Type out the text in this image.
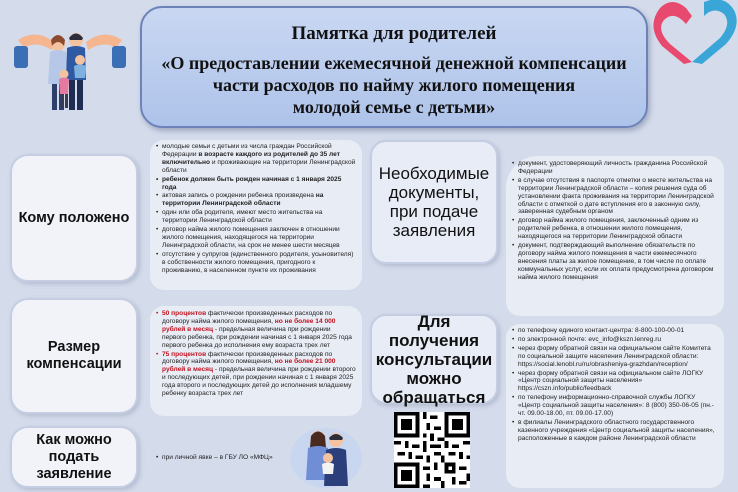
Памятка для родителей
«О предоставлении ежемесячной денежной компенсации
части расходов по найму жилого помещения
молодой семье с детьми»
Кому положено
Размер
компенсации
Как можно
подать
заявление
• молодые семьи с детьми из числа граждан Российской Федерации в возрасте каждого из родителей до 35 лет включительно и проживающие на территории Ленинградской области
• ребенок должен быть рожден начиная с 1 января 2025 года
• актовая запись о рождении ребенка произведена на территории Ленинградской области
• один или оба родителя, имеют место жительства на территории Ленинградской области
• договор найма жилого помещения заключен в отношении жилого помещения, находящегося на территории Ленинградской области, на срок не менее шести месяцев
• отсутствие у супругов (единственного родителя, усыновителя) в собственности жилого помещения, пригодного к проживанию, в населенном пункте их проживания
• 50 процентов фактически произведенных расходов по договору найма жилого помещения, но не более 14 000 рублей в месяц - предельная величина при рождении первого ребенка, при рождении начиная с 1 января 2025 года первого ребенка до исполнения ему возраста трех лет
• 75 процентов фактически произведенных расходов по договору найма жилого помещения, но не более 21 000 рублей в месяц - предельная величина при рождении второго и последующих детей, при рождении начиная с 1 января 2025 года второго и последующих детей до исполнения младшему ребенку возраста трех лет
• при личной явке – в ГБУ ЛО «МФЦ»
Необходимые
документы,
при подаче
заявления
Для получения
консультации
можно
обращаться
• документ, удостоверяющий личность гражданина Российской Федерации
• в случае отсутствия в паспорте отметки о месте жительства на территории Ленинградской области – копия решения суда об установлении факта проживания на территории Ленинградской области с отметкой о дате вступления его в законную силу, заверенная судебным органом
• договор найма жилого помещения, заключенный одним из родителей ребенка, в отношении жилого помещения, находящегося на территории Ленинградской области
• документ, подтверждающий выполнение обязательств по договору найма жилого помещения в части ежемесячного внесения платы за жилое помещение, в том числе по оплате коммунальных услуг, если их оплата предусмотрена договором найма жилого помещения
• по телефону единого контакт-центра: 8-800-100-00-01
• по электронной почте: evc_info@kszn.lenreg.ru
• через форму обратной связи на официальном сайте Комитета по социальной защите населения Ленинградской области: https://social.lenobl.ru/ru/obrasheniya-grazhdan/reception/
• через форму обратной связи на официальном сайте ЛОГКУ «Центр социальной защиты населения» https://cszn.info/public/feedback
• по телефону информационно-справочной службы ЛОГКУ «Центр социальной защиты населения»: 8 (800) 350-06-05 (пн.-чт. 09.00-18.00, пт. 09.00-17.00)
• в филиалы Ленинградского областного государственного казенного учреждения «Центр социальной защиты населения», расположенные в каждом районе Ленинградской области
